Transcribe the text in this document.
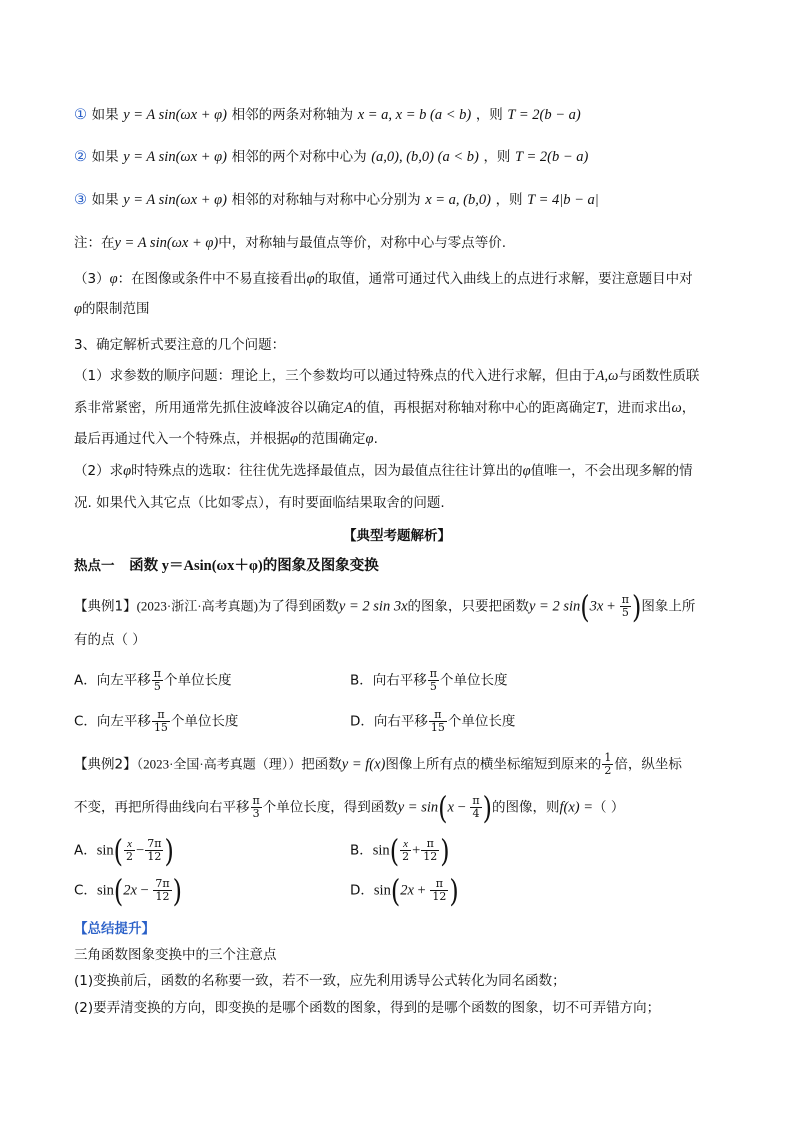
① 如果 y = A sin(ωx + φ) 相邻的两条对称轴为 x = a, x = b (a < b) ，则 T = 2(b − a)
② 如果 y = A sin(ωx + φ) 相邻的两个对称中心为 (a,0), (b,0) (a < b) ，则 T = 2(b − a)
③ 如果 y = A sin(ωx + φ) 相邻的对称轴与对称中心分别为 x = a, (b,0) ，则 T = 4|b − a|
注：在y = A sin(ωx + φ)中，对称轴与最值点等价，对称中心与零点等价.
（3）φ：在图像或条件中不易直接看出φ的取值，通常可通过代入曲线上的点进行求解，要注意题目中对
φ的限制范围
3、确定解析式要注意的几个问题：
（1）求参数的顺序问题：理论上，三个参数均可以通过特殊点的代入进行求解，但由于A,ω与函数性质联
系非常紧密，所用通常先抓住波峰波谷以确定A的值，再根据对称轴对称中心的距离确定T，进而求出ω，
最后再通过代入一个特殊点，并根据φ的范围确定φ.
（2）求φ时特殊点的选取：往往优先选择最值点，因为最值点往往计算出的φ值唯一，不会出现多解的情
况. 如果代入其它点（比如零点），有时要面临结果取舍的问题.
【典型考题解析】
热点一 函数 y＝Asin(ωx＋φ)的图象及图象变换
【典例1】(2023·浙江·高考真题)为了得到函数y = 2 sin 3x的图象，只要把函数y = 2 $\sin(3x + \frac{\pi}{5}$ )图象上所
有的点（ ）
A．向左平移 $\frac{\pi}{5}$ 个单位长度	B．向右平移 $\frac{\pi}{5}$ 个单位长度
C．向左平移 $\frac{\pi}{15}$ 个单位长度	D．向右平移 $\frac{\pi}{15}$ 个单位长度
【典例2】（2023·全国·高考真题（理））把函数y = f(x)图像上所有点的横坐标缩短到原来的 $\frac{1}{2}$ 倍，纵坐标
不变，再把所得曲线向右平移 $\frac{\pi}{3}$ 个单位长度，得到函数$y = \sin(x - \frac{\pi}{4}$ )的图像，则f(x) =（ ）
A．$\sin( \frac{x}{2} - \frac{7\pi}{12}$ )	B．$\sin( \frac{x}{2} + \frac{\pi}{12}$ )
C．$\sin(2x - \frac{7\pi}{12}$ )	D．$\sin(2x + \frac{\pi}{12}$ )
【总结提升】
三角函数图象变换中的三个注意点
(1)变换前后，函数的名称要一致，若不一致，应先利用诱导公式转化为同名函数；
(2)要弄清变换的方向，即变换的是哪个函数的图象，得到的是哪个函数的图象，切不可弄错方向；
